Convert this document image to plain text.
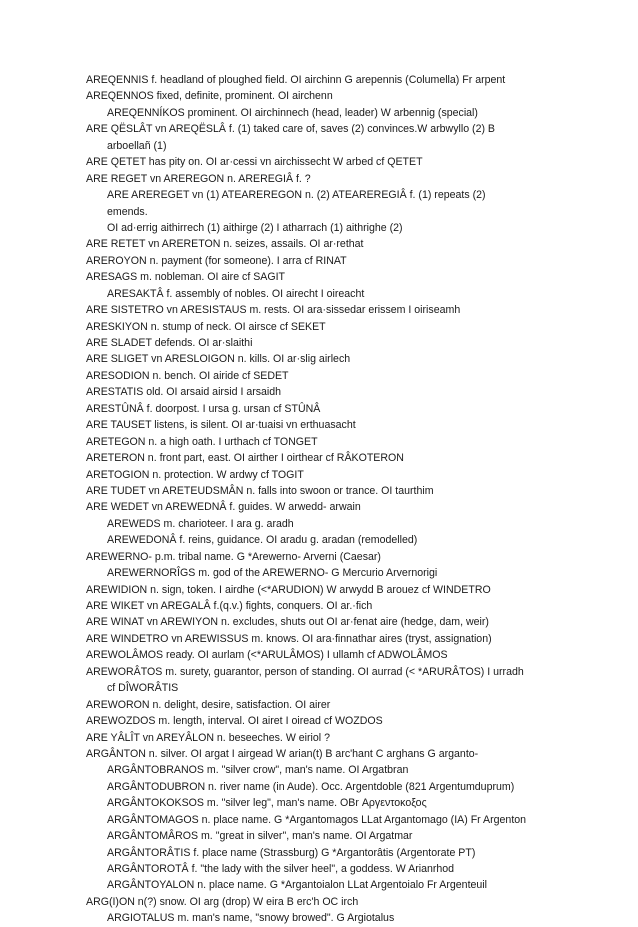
AREQENNIS f. headland of ploughed field. OI airchinn G arepennis (Columella) Fr arpent
AREQENNOS fixed, definite, prominent. OI airchenn
AREQENNÍKOS prominent. OI airchinnech (head, leader) W arbennig (special)
ARE QËSLÂT vn AREQËSLÂ f. (1) taked care of, saves (2) convinces.W arbwyllo (2) B
arboellañ (1)
ARE QETET has pity on. OI ar·cessi vn airchissecht W arbed cf QETET
ARE REGET vn AREREGON n. AREREGIÂ f. ?
ARE AREREGET vn (1) ATEAREREGON n. (2) ATEAREREGIÂ f. (1) repeats (2)
emends.
OI ad·errig aithirrech (1) aithirge (2) I atharrach (1) aithrighe (2)
ARE RETET vn ARERETON n. seizes, assails. OI ar·rethat
AREROYON n. payment (for someone). I arra cf RINAT
ARESAGS m. nobleman. OI aire cf SAGIT
ARESAKTÂ f. assembly of nobles. OI airecht I oireacht
ARE SISTETRO vn ARESISTAUS m. rests. OI ara·sissedar erissem I oiriseamh
ARESKIYON n. stump of neck. OI airsce cf SEKET
ARE SLADET defends. OI ar·slaithi
ARE SLIGET vn ARESLOIGON n. kills. OI ar·slig airlech
ARESODION n. bench. OI airide cf SEDET
ARESTATIS old. OI arsaid airsid I arsaidh
ARESTÛNÂ f. doorpost. I ursa g. ursan cf STÛNÂ
ARE TAUSET listens, is silent. OI ar·tuaisi vn erthuasacht
ARETEGON n. a high oath. I urthach cf TONGET
ARETERON n. front part, east. OI airther I oirthear cf RÂKOTERON
ARETOGION n. protection. W ardwy cf TOGIT
ARE TUDET vn ARETEUDSMÂN n. falls into swoon or trance. OI taurthim
ARE WEDET vn AREWEDNÂ f. guides. W arwedd- arwain
AREWEDS m. charioteer. I ara g. aradh
AREWEDONÂ f. reins, guidance. OI aradu g. aradan (remodelled)
AREWERNO- p.m. tribal name. G *Arewerno- Arverni (Caesar)
AREWERNORÎGS m. god of the AREWERNO- G Mercurio Arvernorigi
AREWIDION n. sign, token. I airdhe (<*ARUDION) W arwydd B arouez cf WINDETRO
ARE WIKET vn AREGALÂ f.(q.v.) fights, conquers. OI ar.·fich
ARE WINAT vn AREWIYON n. excludes, shuts out OI ar·fenat aire (hedge, dam, weir)
ARE WINDETRO vn AREWISSUS m. knows. OI ara·finnathar aires (tryst, assignation)
AREWOLÂMOS ready. OI aurlam (<*ARULÂMOS) I ullamh cf ADWOLÂMOS
AREWORÂTOS m. surety, guarantor, person of standing. OI aurrad (< *ARURÂTOS) I urradh
cf DÎWORÂTIS
AREWORON n. delight, desire, satisfaction. OI airer
AREWOZDOS m. length, interval. OI airet I oiread cf WOZDOS
ARE YÂLÎT vn AREYÂLON n. beseeches. W eiriol ?
ARGÂNTON n. silver. OI argat I airgead W arian(t) B arc'hant C arghans G arganto-
ARGÂNTOBRANOS m. "silver crow", man's name. OI Argatbran
ARGÂNTODUBRON n. river name (in Aude). Occ. Argentdoble (821 Argentumduprum)
ARGÂNTOKOKSOS m. "silver leg", man's name. OBr Αργεντοκοξος
ARGÂNTOMAGOS n. place name. G *Argantomagos LLat Argantomago (IA) Fr Argenton
ARGÂNTOMÂROS m. "great in silver", man's name. OI Argatmar
ARGÂNTORÂTIS f. place name (Strassburg) G *Argantorâtis (Argentorate PT)
ARGÂNTOROTÂ f. "the lady with the silver heel", a goddess. W Arianrhod
ARGÂNTOYALON n. place name. G *Argantoialon LLat Argentoialo Fr Argenteuil
ARG(I)ON n(?) snow. OI arg (drop) W eira B erc'h OC irch
ARGIOTALUS m. man's name, "snowy browed". G Argiotalus
